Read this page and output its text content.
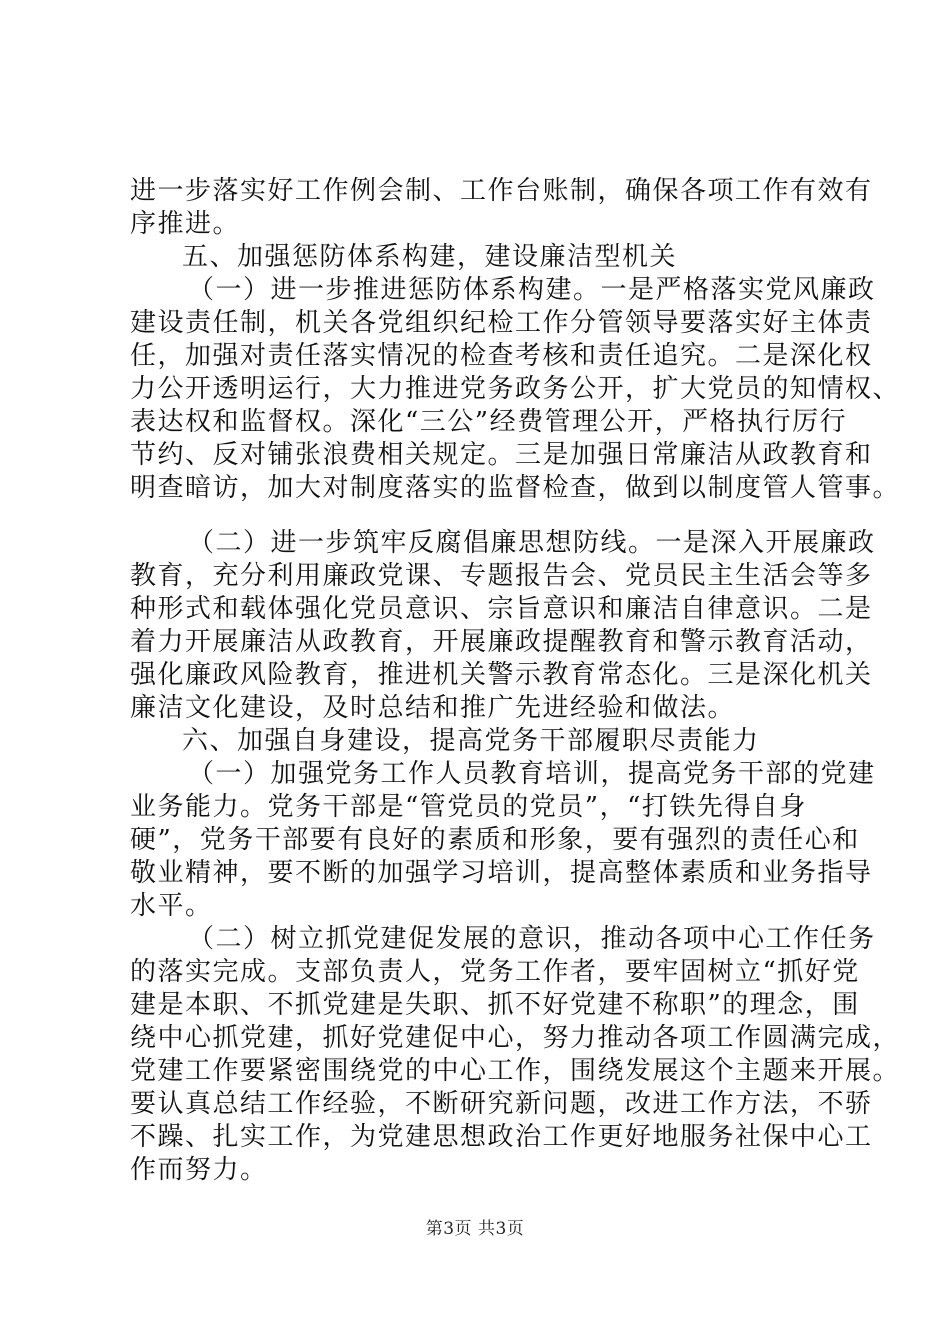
进一步落实好工作例会制、工作台账制，确保各项工作有效有
序推进。
五、加强惩防体系构建，建设廉洁型机关
（一）进一步推进惩防体系构建。一是严格落实党风廉政
建设责任制，机关各党组织纪检工作分管领导要落实好主体责
任，加强对责任落实情况的检查考核和责任追究。二是深化权
力公开透明运行，大力推进党务政务公开，扩大党员的知情权、
表达权和监督权。深化“三公”经费管理公开，严格执行厉行
节约、反对铺张浪费相关规定。三是加强日常廉洁从政教育和
明查暗访，加大对制度落实的监督检查，做到以制度管人管事。
（二）进一步筑牢反腐倡廉思想防线。一是深入开展廉政
教育，充分利用廉政党课、专题报告会、党员民主生活会等多
种形式和载体强化党员意识、宗旨意识和廉洁自律意识。二是
着力开展廉洁从政教育，开展廉政提醒教育和警示教育活动，
强化廉政风险教育，推进机关警示教育常态化。三是深化机关
廉洁文化建设，及时总结和推广先进经验和做法。
六、加强自身建设，提高党务干部履职尽责能力
（一）加强党务工作人员教育培训，提高党务干部的党建
业务能力。党务干部是“管党员的党员”，“打铁先得自身
硬”，党务干部要有良好的素质和形象，要有强烈的责任心和
敬业精神，要不断的加强学习培训，提高整体素质和业务指导
水平。
（二）树立抓党建促发展的意识，推动各项中心工作任务
的落实完成。支部负责人，党务工作者，要牢固树立“抓好党
建是本职、不抓党建是失职、抓不好党建不称职”的理念，围
绕中心抓党建，抓好党建促中心，努力推动各项工作圆满完成，
党建工作要紧密围绕党的中心工作，围绕发展这个主题来开展。
要认真总结工作经验，不断研究新问题，改进工作方法，不骄
不躁、扎实工作，为党建思想政治工作更好地服务社保中心工
作而努力。
第3页 共3页
